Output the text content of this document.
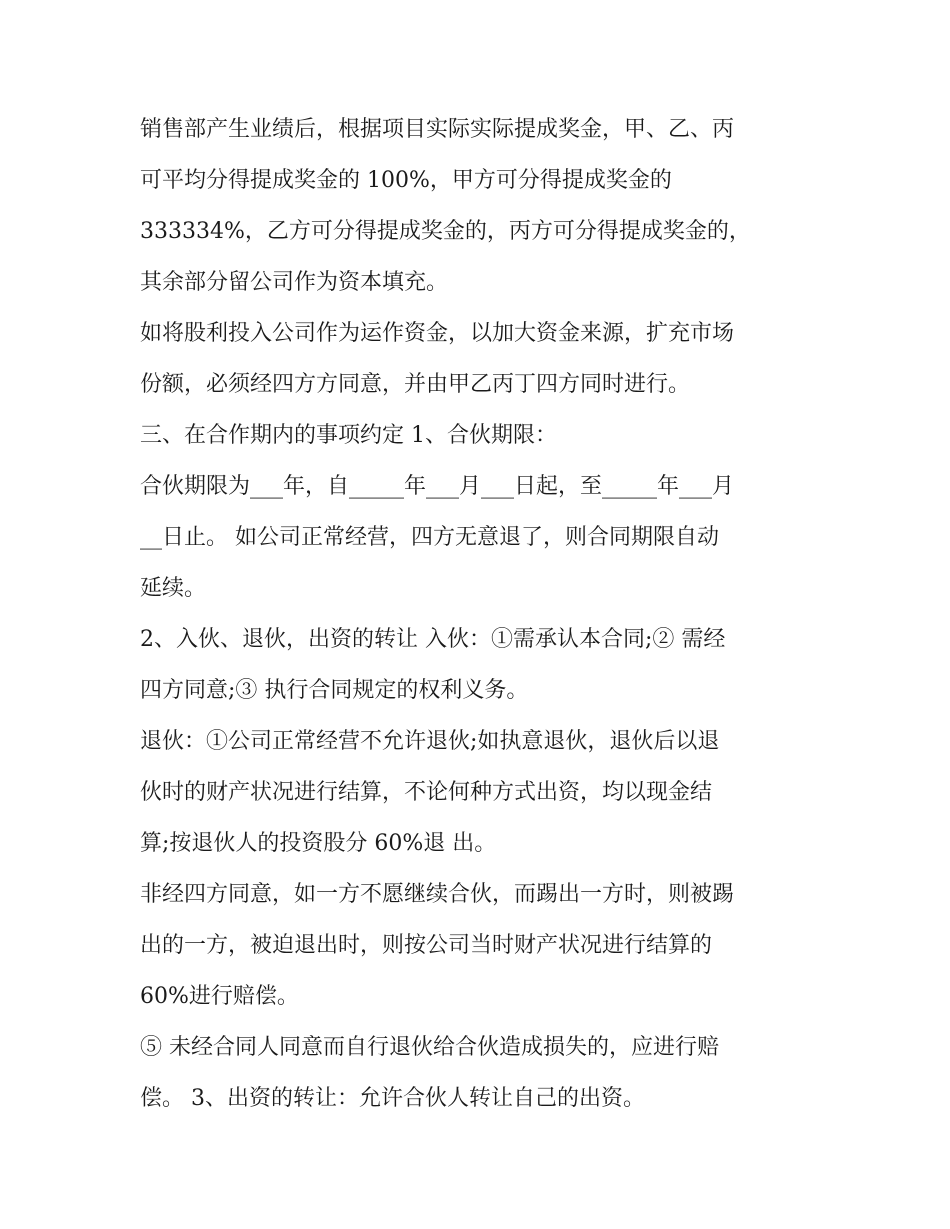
销售部产生业绩后，根据项目实际实际提成奖金，甲、乙、丙
可平均分得提成奖金的 100%，甲方可分得提成奖金的
333334%，乙方可分得提成奖金的，丙方可分得提成奖金的，
其余部分留公司作为资本填充。
如将股利投入公司作为运作资金，以加大资金来源，扩充市场
份额，必须经四方方同意，并由甲乙丙丁四方同时进行。
三、在合作期内的事项约定 1、合伙期限：
合伙期限为___年，自_____年___月___日起，至_____年___月
__日止。 如公司正常经营，四方无意退了，则合同期限自动
延续。
2、入伙、退伙，出资的转让 入伙：①需承认本合同;② 需经
四方同意;③ 执行合同规定的权利义务。
退伙：①公司正常经营不允许退伙;如执意退伙，退伙后以退
伙时的财产状况进行结算，不论何种方式出资，均以现金结
算;按退伙人的投资股分 60%退 出。
非经四方同意，如一方不愿继续合伙，而踢出一方时，则被踢
出的一方，被迫退出时，则按公司当时财产状况进行结算的
60%进行赔偿。
⑤ 未经合同人同意而自行退伙给合伙造成损失的，应进行赔
偿。 3、出资的转让：允许合伙人转让自己的出资。
